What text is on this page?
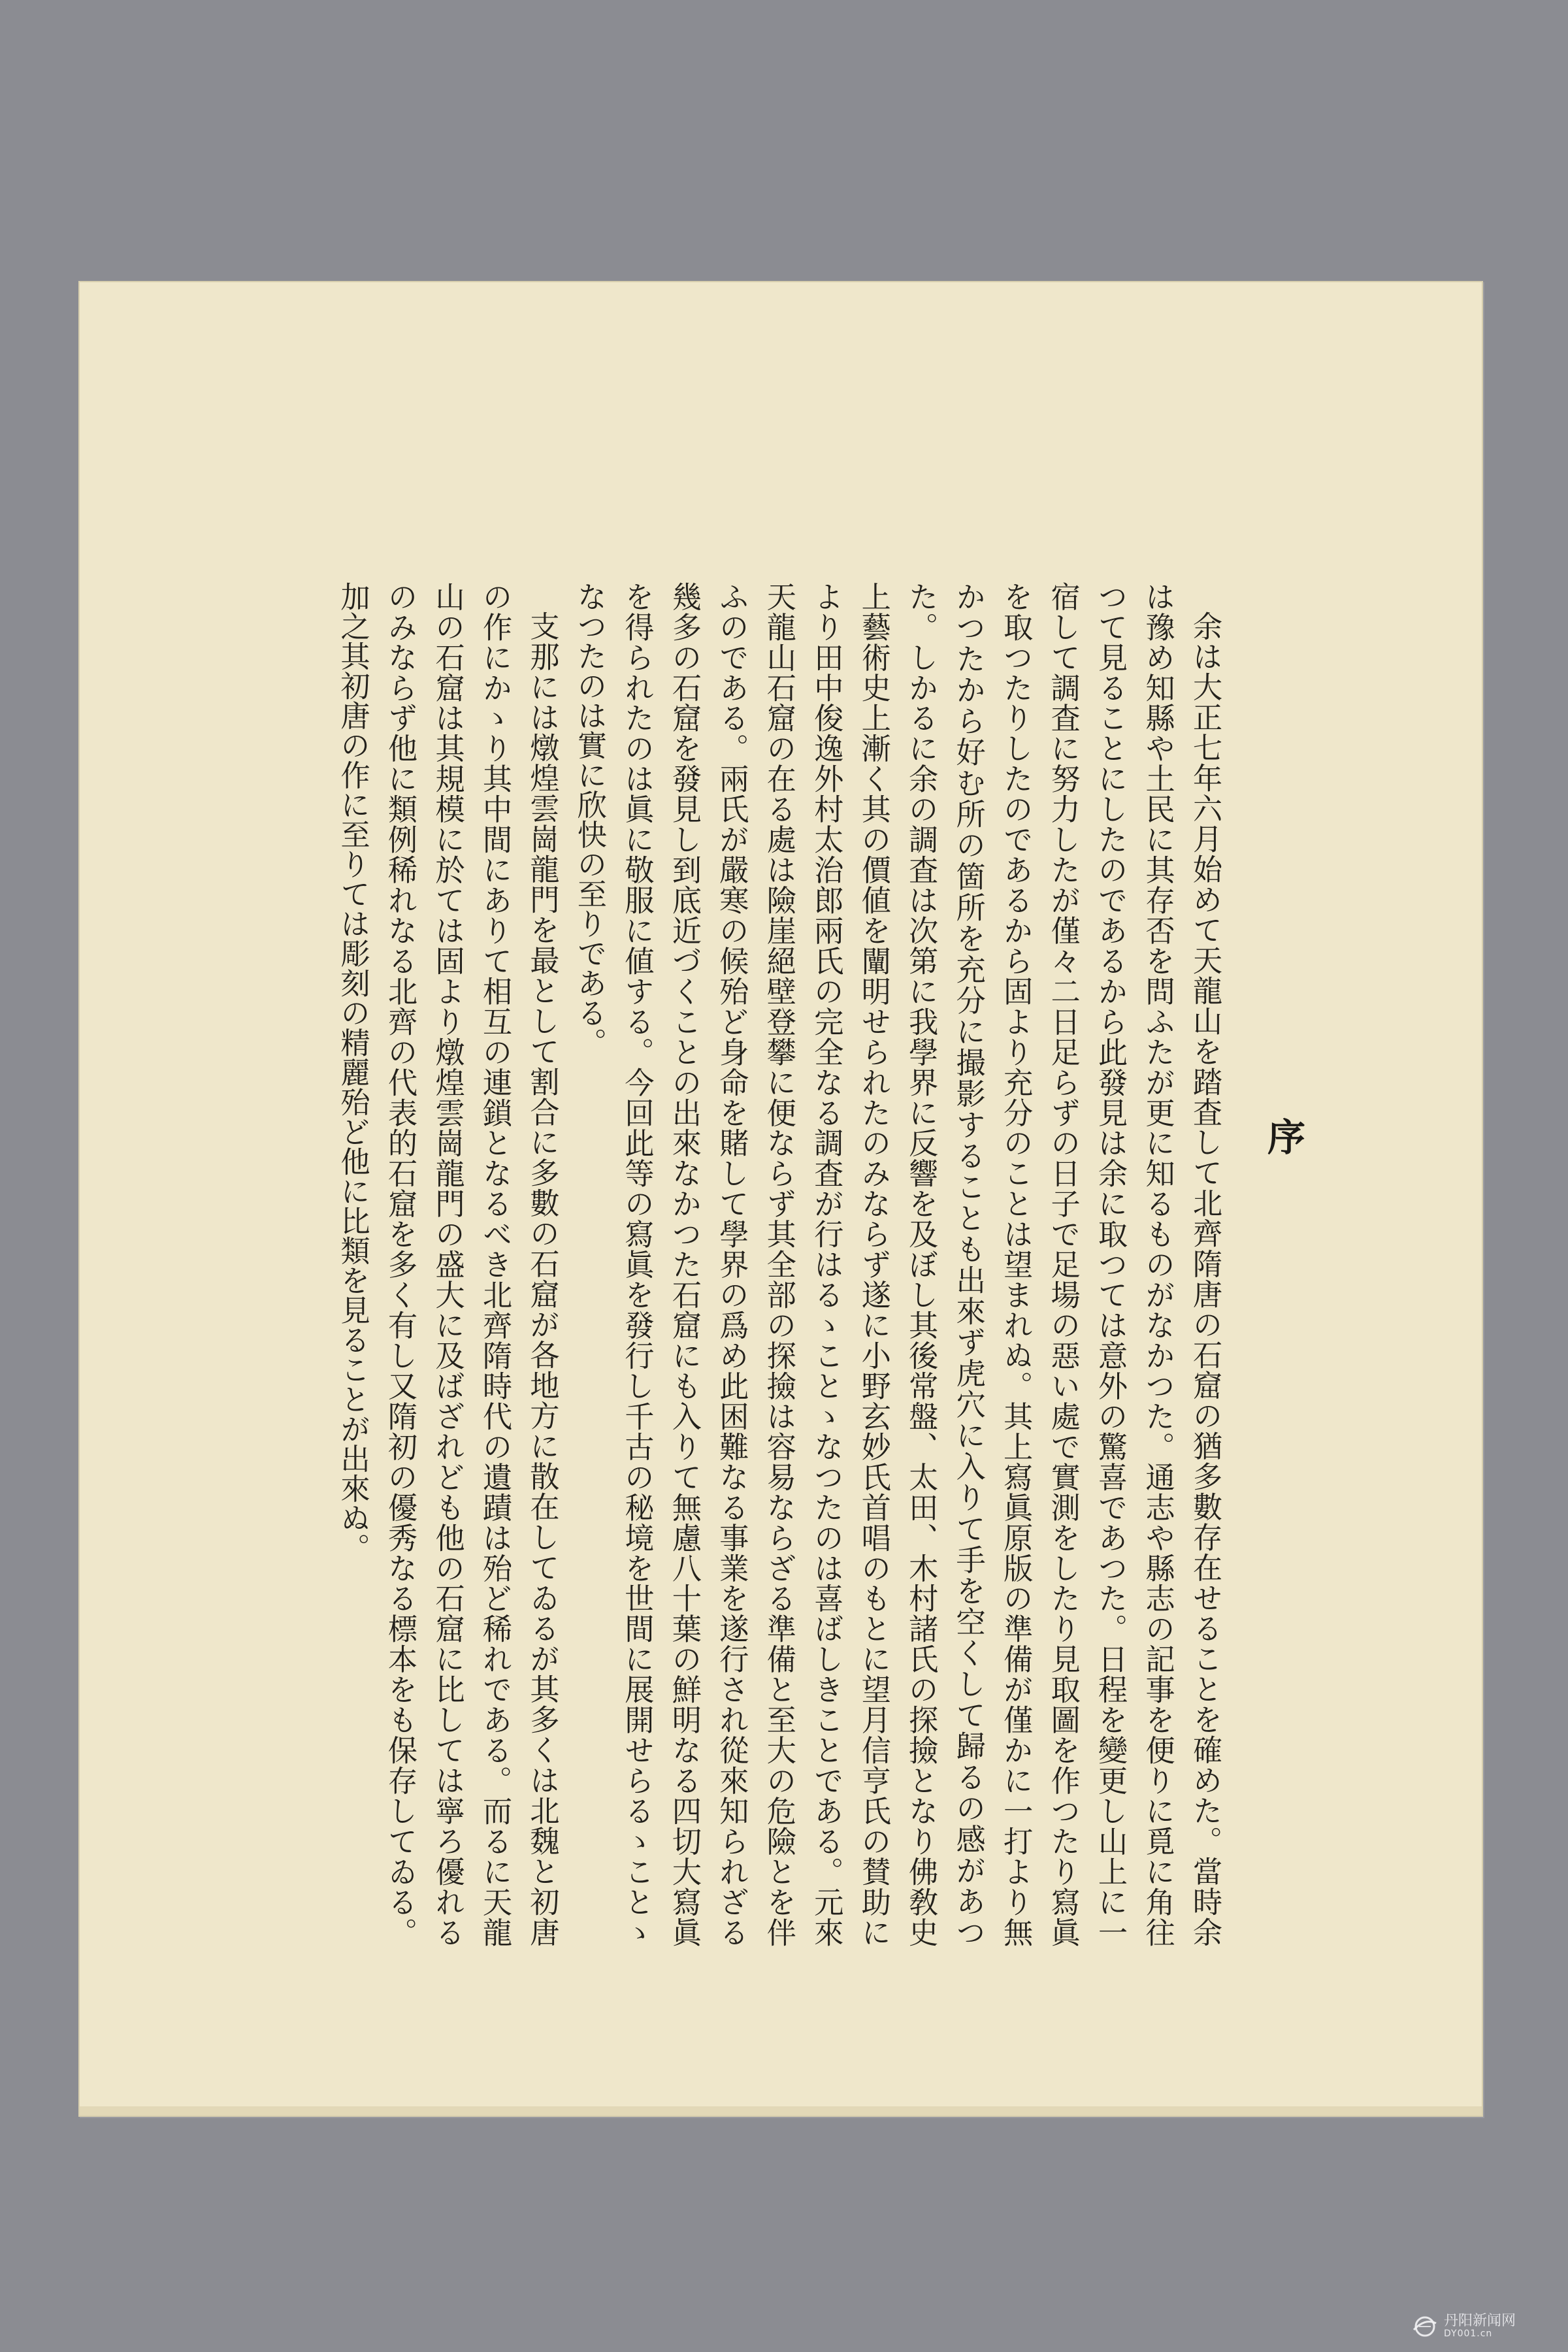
序

余は大正七年六月始めて天龍山を踏査して北齊隋唐の石窟の猶多數存在せることを確めた。當時余は豫め知縣や土民に其存否を問ふたが更に知るものがなかつた。通志や縣志の記事を便りに覓に角往つて見ることにしたのであるから此發見は余に取つては意外の驚喜であつた。日程を變更し山上に一宿して調査に努力したが僅々二日足らずの日子で足場の惡い處で實測をしたり見取圖を作つたり寫眞を取つたりしたのであるから固より充分のことは望まれぬ。其上寫眞原版の準備が僅かに一打より無かつたから好む所の箇所を充分に撮影することも出來ず虎穴に入りて手を空くして歸るの感があつた。しかるに余の調査は次第に我學界に反響を及ぼし其後常盤、太田、木村諸氏の探撿となり佛敎史上藝術史上漸く其の價値を闡明せられたのみならず遂に小野玄妙氏首唱のもとに望月信亨氏の賛助により田中俊逸外村太治郎兩氏の完全なる調査が行はるゝことゝなつたのは喜ばしきことである。元來天龍山石窟の在る處は險崖絕壁登攀に便ならず其全部の探撿は容易ならざる準備と至大の危險とを伴ふのである。兩氏が嚴寒の候殆ど身命を賭して學界の爲め此困難なる事業を遂行され從來知られざる幾多の石窟を發見し到底近づくことの出來なかつた石窟にも入りて無慮八十葉の鮮明なる四切大寫眞を得られたのは眞に敬服に値する。今回此等の寫眞を發行し千古の秘境を世間に展開せらるゝことゝなつたのは實に欣快の至りである。

支那には燉煌雲崗龍門を最として割合に多數の石窟が各地方に散在してゐるが其多くは北魏と初唐の作にかゝり其中間にありて相互の連鎖となるべき北齊隋時代の遺蹟は殆ど稀れである。而るに天龍山の石窟は其規模に於ては固より燉煌雲崗龍門の盛大に及ばざれども他の石窟に比しては寧ろ優れるのみならず他に類例稀れなる北齊の代表的石窟を多く有し又隋初の優秀なる標本をも保存してゐる。加之其初唐の作に至りては彫刻の精麗殆ど他に比類を見ることが出來ぬ。

丹阳新闻网
DY001.cn
